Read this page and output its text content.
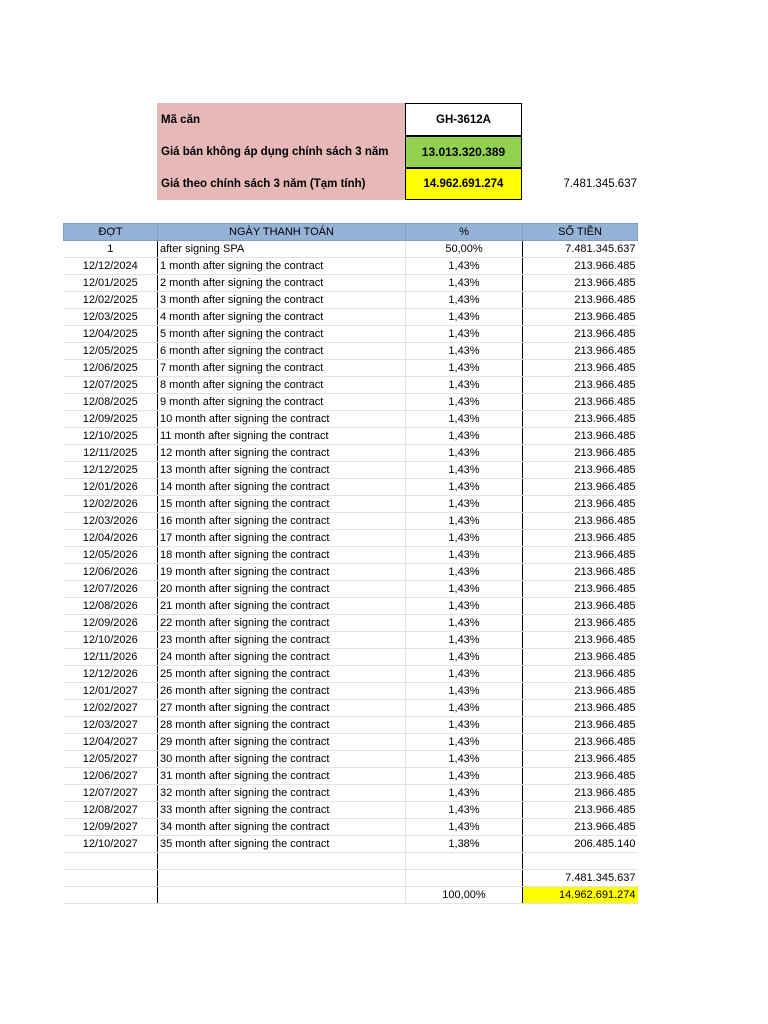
Mã căn	GH-3612A
Giá bán không áp dụng chính sách 3 năm	13.013.320.389
Giá theo chính sách 3 năm (Tạm tính)	14.962.691.274	7.481.345.637
ĐỢT	NGÀY THANH TOÁN	%	SỐ TIỀN
1	after signing SPA	50,00%	7.481.345.637
12/12/2024	1 month after signing the contract	1,43%	213.966.485
12/01/2025	2 month after signing the contract	1,43%	213.966.485
12/02/2025	3 month after signing the contract	1,43%	213.966.485
12/03/2025	4 month after signing the contract	1,43%	213.966.485
12/04/2025	5 month after signing the contract	1,43%	213.966.485
12/05/2025	6 month after signing the contract	1,43%	213.966.485
12/06/2025	7 month after signing the contract	1,43%	213.966.485
12/07/2025	8 month after signing the contract	1,43%	213.966.485
12/08/2025	9 month after signing the contract	1,43%	213.966.485
12/09/2025	10 month after signing the contract	1,43%	213.966.485
12/10/2025	11 month after signing the contract	1,43%	213.966.485
12/11/2025	12 month after signing the contract	1,43%	213.966.485
12/12/2025	13 month after signing the contract	1,43%	213.966.485
12/01/2026	14 month after signing the contract	1,43%	213.966.485
12/02/2026	15 month after signing the contract	1,43%	213.966.485
12/03/2026	16 month after signing the contract	1,43%	213.966.485
12/04/2026	17 month after signing the contract	1,43%	213.966.485
12/05/2026	18 month after signing the contract	1,43%	213.966.485
12/06/2026	19 month after signing the contract	1,43%	213.966.485
12/07/2026	20 month after signing the contract	1,43%	213.966.485
12/08/2026	21 month after signing the contract	1,43%	213.966.485
12/09/2026	22 month after signing the contract	1,43%	213.966.485
12/10/2026	23 month after signing the contract	1,43%	213.966.485
12/11/2026	24 month after signing the contract	1,43%	213.966.485
12/12/2026	25 month after signing the contract	1,43%	213.966.485
12/01/2027	26 month after signing the contract	1,43%	213.966.485
12/02/2027	27 month after signing the contract	1,43%	213.966.485
12/03/2027	28 month after signing the contract	1,43%	213.966.485
12/04/2027	29 month after signing the contract	1,43%	213.966.485
12/05/2027	30 month after signing the contract	1,43%	213.966.485
12/06/2027	31 month after signing the contract	1,43%	213.966.485
12/07/2027	32 month after signing the contract	1,43%	213.966.485
12/08/2027	33 month after signing the contract	1,43%	213.966.485
12/09/2027	34 month after signing the contract	1,43%	213.966.485
12/10/2027	35 month after signing the contract	1,38%	206.485.140

			7.481.345.637
		100,00%	14.962.691.274
